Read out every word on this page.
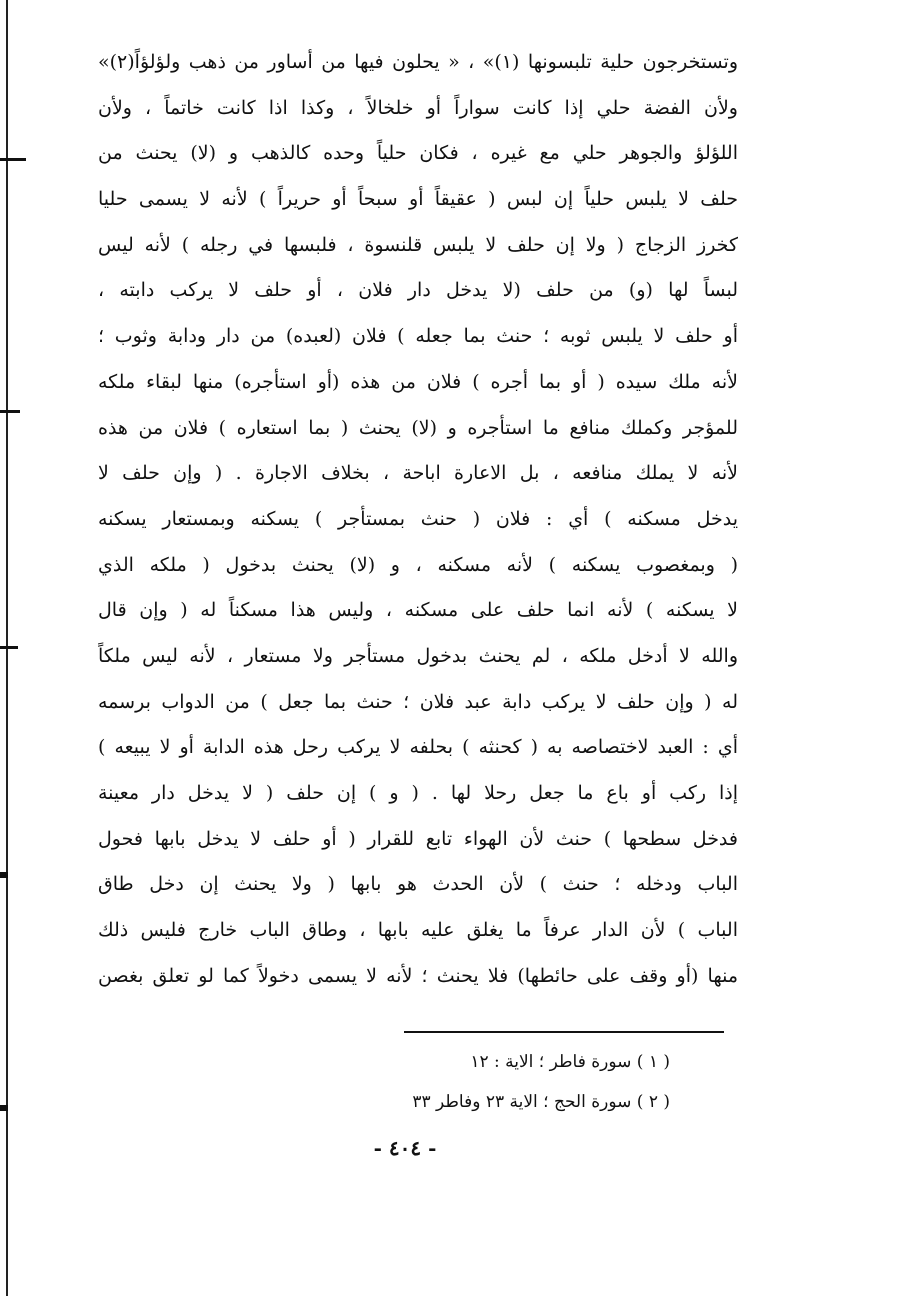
وتستخرجون حلية تلبسونها (١)» ، « يحلون فيها من أساور من ذهب ولؤلؤاً(٢)»
ولأن الفضة حلي إذا كانت سواراً أو خلخالاً ، وكذا اذا كانت خاتماً ، ولأن
اللؤلؤ والجوهر حلي مع غيره ، فكان حلياً وحده كالذهب و (لا) يحنث من
حلف لا يلبس حلياً إن لبس ( عقيقاً أو سبحاً أو حريراً ) لأنه لا يسمى حليا
كخرز الزجاج ( ولا إن حلف لا يلبس قلنسوة ، فلبسها في رجله ) لأنه ليس
لبساً لها (و) من حلف (لا يدخل دار فلان ، أو حلف لا يركب دابته ،
أو حلف لا يلبس ثوبه ؛ حنث بما جعله ) فلان (لعبده) من دار ودابة وثوب ؛
لأنه ملك سيده ( أو بما أجره ) فلان من هذه (أو استأجره) منها لبقاء ملكه
للمؤجر وكملك منافع ما استأجره و (لا) يحنث ( بما استعاره ) فلان من هذه
لأنه لا يملك منافعه ، بل الاعارة اباحة ، بخلاف الاجارة . ( وإن حلف لا
يدخل مسكنه ) أي : فلان ( حنث بمستأجر ) يسكنه وبمستعار يسكنه
( وبمغصوب يسكنه ) لأنه مسكنه ، و (لا) يحنث بدخول ( ملكه الذي
لا يسكنه ) لأنه انما حلف على مسكنه ، وليس هذا مسكناً له ( وإن قال
والله لا أدخل ملكه ، لم يحنث بدخول مستأجر ولا مستعار ، لأنه ليس ملكاً
له ( وإن حلف لا يركب دابة عبد فلان ؛ حنث بما جعل ) من الدواب برسمه
أي : العبد لاختصاصه به ( كحنثه ) بحلفه لا يركب رحل هذه الدابة أو لا يبيعه )
إذا ركب أو باع ما جعل رحلا لها . ( و ) إن حلف ( لا يدخل دار معينة
فدخل سطحها ) حنث لأن الهواء تابع للقرار ( أو حلف لا يدخل بابها فحول
الباب ودخله ؛ حنث ) لأن الحدث هو بابها ( ولا يحنث إن دخل طاق
الباب ) لأن الدار عرفاً ما يغلق عليه بابها ، وطاق الباب خارج فليس ذلك
منها (أو وقف على حائطها) فلا يحنث ؛ لأنه لا يسمى دخولاً كما لو تعلق بغصن
( ١ ) سورة فاطر ؛ الاية : ١٢
( ٢ ) سورة الحج ؛ الاية ٢٣ وفاطر ٣٣
- ٤٠٤ -
